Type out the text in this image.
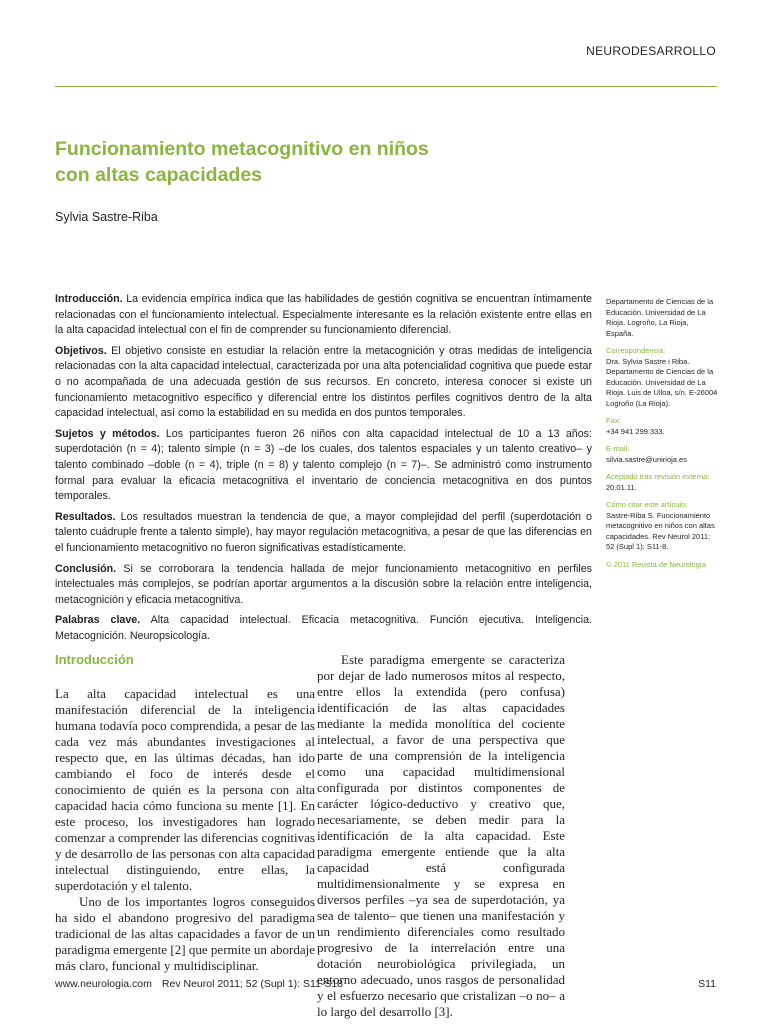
NEURODESARROLLO
Funcionamiento metacognitivo en niños
con altas capacidades
Sylvia Sastre-Riba

Introducción. La evidencia empírica indica que las habilidades de gestión cognitiva se encuentran íntimamente relacionadas con el funcionamiento intelectual. Especialmente interesante es la relación existente entre ellas en la alta capacidad intelectual con el fin de comprender su funcionamiento diferencial.

Objetivos. El objetivo consiste en estudiar la relación entre la metacognición y otras medidas de inteligencia relacionadas con la alta capacidad intelectual, caracterizada por una alta potencialidad cognitiva que puede estar o no acompañada de una adecuada gestión de sus recursos. En concreto, interesa conocer si existe un funcionamiento metacognitivo específico y diferencial entre los distintos perfiles cognitivos dentro de la alta capacidad intelectual, así como la estabilidad en su medida en dos puntos temporales.

Sujetos y métodos. Los participantes fueron 26 niños con alta capacidad intelectual de 10 a 13 años: superdotación (n = 4); talento simple (n = 3) –de los cuales, dos talentos espaciales y un talento creativo– y talento combinado –doble (n = 4), triple (n = 8) y talento complejo (n = 7)–. Se administró como instrumento formal para evaluar la eficacia metacognitiva el inventario de conciencia metacognitiva en dos puntos temporales.

Resultados. Los resultados muestran la tendencia de que, a mayor complejidad del perfil (superdotación o talento cuádruple frente a talento simple), hay mayor regulación metacognitiva, a pesar de que las diferencias en el funcionamiento metacognitivo no fueron significativas estadísticamente.

Conclusión. Si se corroborara la tendencia hallada de mejor funcionamiento metacognitivo en perfiles intelectuales más complejos, se podrían aportar argumentos a la discusión sobre la relación entre inteligencia, metacognición y eficacia metacognitiva.

Palabras clave. Alta capacidad intelectual. Eficacia metacognitiva. Función ejecutiva. Inteligencia. Metacognición. Neuropsicología.

Departamento de Ciencias de la Educación. Universidad de La Rioja. Logroño, La Rioja, España.
Correspondencia:
Dra. Sylvia Sastre i Riba. Departamento de Ciencias de la Educación. Universidad de La Rioja. Luis de Ulloa, s/n. E-26004 Logroño (La Rioja).
Fax:
+34 941 299 333.
E-mail:
silvia.sastre@unirioja.es
Aceptado tras revisión externa:
20.01.11.
Cómo citar este artículo:
Sastre-Riba S. Funcionamiento metacognitivo en niños con altas capacidades. Rev Neurol 2011; 52 (Supl 1): S11-8.
© 2011 Revista de Neurología
Introducción

La alta capacidad intelectual es una manifestación diferencial de la inteligencia humana todavía poco comprendida, a pesar de las cada vez más abundantes investigaciones al respecto que, en las últimas décadas, han ido cambiando el foco de interés desde el conocimiento de quién es la persona con alta capacidad hacia cómo funciona su mente [1]. En este proceso, los investigadores han logrado comenzar a comprender las diferencias cognitivas y de desarrollo de las personas con alta capacidad intelectual distinguiendo, entre ellas, la superdotación y el talento.

Uno de los importantes logros conseguidos ha sido el abandono progresivo del paradigma tradicional de las altas capacidades a favor de un paradigma emergente [2] que permite un abordaje más claro, funcional y multidisciplinar.

Este paradigma emergente se caracteriza por dejar de lado numerosos mitos al respecto, entre ellos la extendida (pero confusa) identificación de las altas capacidades mediante la medida monolítica del cociente intelectual, a favor de una perspectiva que parte de una comprensión de la inteligencia como una capacidad multidimensional configurada por distintos componentes de carácter lógico-deductivo y creativo que, necesariamente, se deben medir para la identificación de la alta capacidad. Este paradigma emergente entiende que la alta capacidad está configurada multidimensionalmente y se expresa en diversos perfiles –ya sea de superdotación, ya sea de talento– que tienen una manifestación y un rendimiento diferenciales como resultado progresivo de la interrelación entre una dotación neurobiológica privilegiada, un entorno adecuado, unos rasgos de personalidad y el esfuerzo necesario que cristalizan –o no– a lo largo del desarrollo [3].

www.neurologia.com Rev Neurol 2011; 52 (Supl 1): S11-S18	S11
